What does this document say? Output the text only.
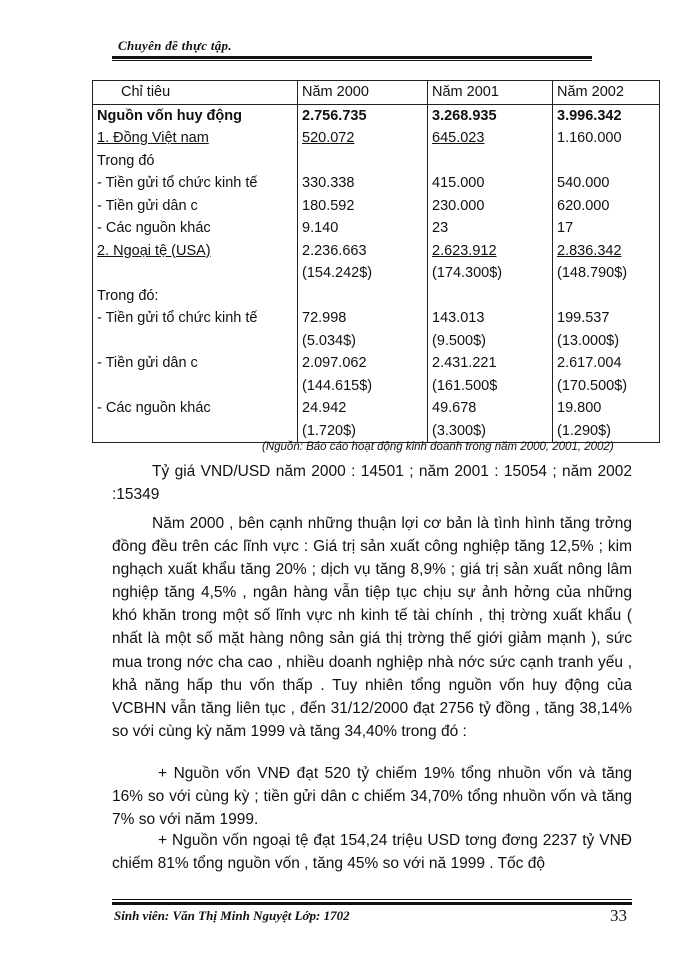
Chuyên đề thực tập.
Chỉ tiêu	Năm 2000	Năm 2001	Năm 2002
Nguồn vốn huy động	2.756.735	3.268.935	3.996.342
1. Đồng Việt nam	520.072	645.023	1.160.000
Trong đó			
- Tiền gửi tổ chức kinh tế	330.338	415.000	540.000
- Tiền gửi dân c	180.592	230.000	620.000
- Các nguồn khác	9.140	23	17
2. Ngoại tệ (USA)	2.236.663	2.623.912	2.836.342
	(154.242$)	(174.300$)	(148.790$)
Trong đó:			
- Tiền gửi tổ chức kinh tế	72.998	143.013	199.537
	(5.034$)	(9.500$)	(13.000$)
- Tiền gửi dân c	2.097.062	2.431.221	2.617.004
	(144.615$)	(161.500$	(170.500$)
- Các nguồn khác	24.942	49.678	19.800
	(1.720$)	(3.300$)	(1.290$)
(Nguồn: Báo cáo hoạt động kinh doanh trong năm 2000, 2001, 2002)

Tỷ giá VND/USD năm 2000 : 14501 ; năm 2001 : 15054 ; năm 2002 :15349

Năm 2000 , bên cạnh những thuận lợi cơ bản là tình hình tăng trởng đồng đều trên các lĩnh vực : Giá trị sản xuất công nghiệp tăng 12,5% ; kim nghạch xuất khẩu tăng 20% ; dịch vụ tăng 8,9% ; giá trị sản xuất nông lâm nghiệp tăng 4,5% , ngân hàng vẫn tiệp tục chịu sự ảnh hởng của những khó khăn trong một số lĩnh vực nh kinh tế tài chính , thị trờng xuất khẩu ( nhất là một số mặt hàng nông sản giá thị trờng thế giới giảm mạnh ), sức mua trong nớc cha cao , nhiều doanh nghiệp nhà nớc sức cạnh tranh yếu , khả năng hấp thu vốn thấp . Tuy nhiên tổng nguồn vốn huy động của VCBHN vẫn tăng liên tục , đến 31/12/2000 đạt 2756 tỷ đồng , tăng 38,14% so với cùng kỳ năm 1999 và tăng 34,40% trong đó :

+ Nguồn vốn VNĐ đạt 520 tỷ chiếm 19% tổng nhuồn vốn và tăng 16% so với cùng kỳ ; tiền gửi dân c chiếm 34,70% tổng nhuồn vốn và tăng 7% so với năm 1999.

+ Nguồn vốn ngoại tệ đạt 154,24 triệu USD tơng đơng 2237 tỷ VNĐ chiếm 81% tổng nguồn vốn , tăng 45% so với nă 1999 . Tốc độ

Sinh viên: Văn Thị Minh Nguyệt Lớp: 1702	33
